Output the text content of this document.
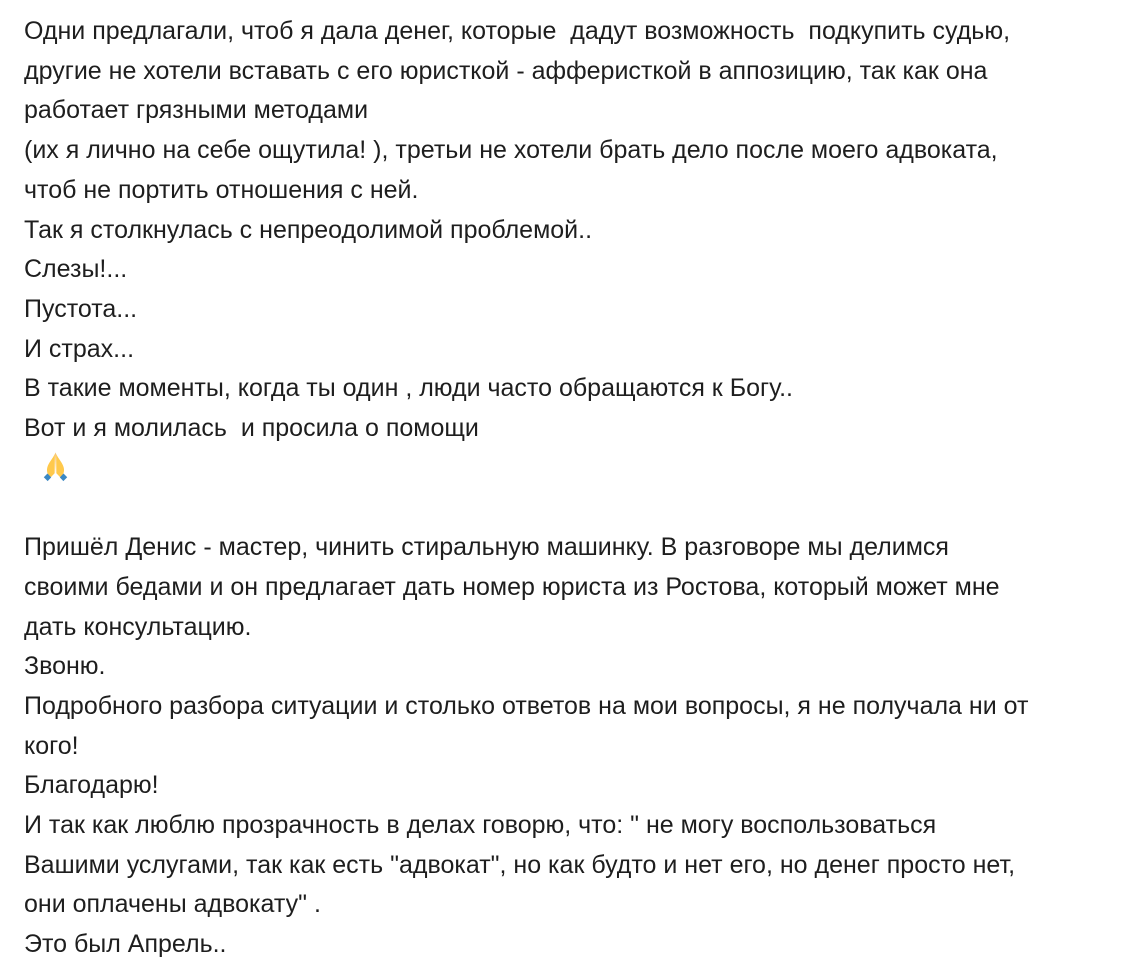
Одни предлагали, чтоб я дала денег, которые  дадут возможность  подкупить судью,
другие не хотели вставать с его юристкой - афферисткой в аппозицию, так как она
работает грязными методами
(их я лично на себе ощутила! ), третьи не хотели брать дело после моего адвоката,
чтоб не портить отношения с ней.
Так я столкнулась с непреодолимой проблемой..
Слезы!...
Пустота...
И страх...
В такие моменты, когда ты один , люди часто обращаются к Богу..
Вот и я молилась  и просила о помощи

Пришёл Денис - мастер, чинить стиральную машинку. В разговоре мы делимся
своими бедами и он предлагает дать номер юриста из Ростова, который может мне
дать консультацию.
Звоню.
Подробного разбора ситуации и столько ответов на мои вопросы, я не получала ни от
кого!
Благодарю!
И так как люблю прозрачность в делах говорю, что: " не могу воспользоваться
Вашими услугами, так как есть "адвокат", но как будто и нет его, но денег просто нет,
они оплачены адвокату" .
Это был Апрель..
